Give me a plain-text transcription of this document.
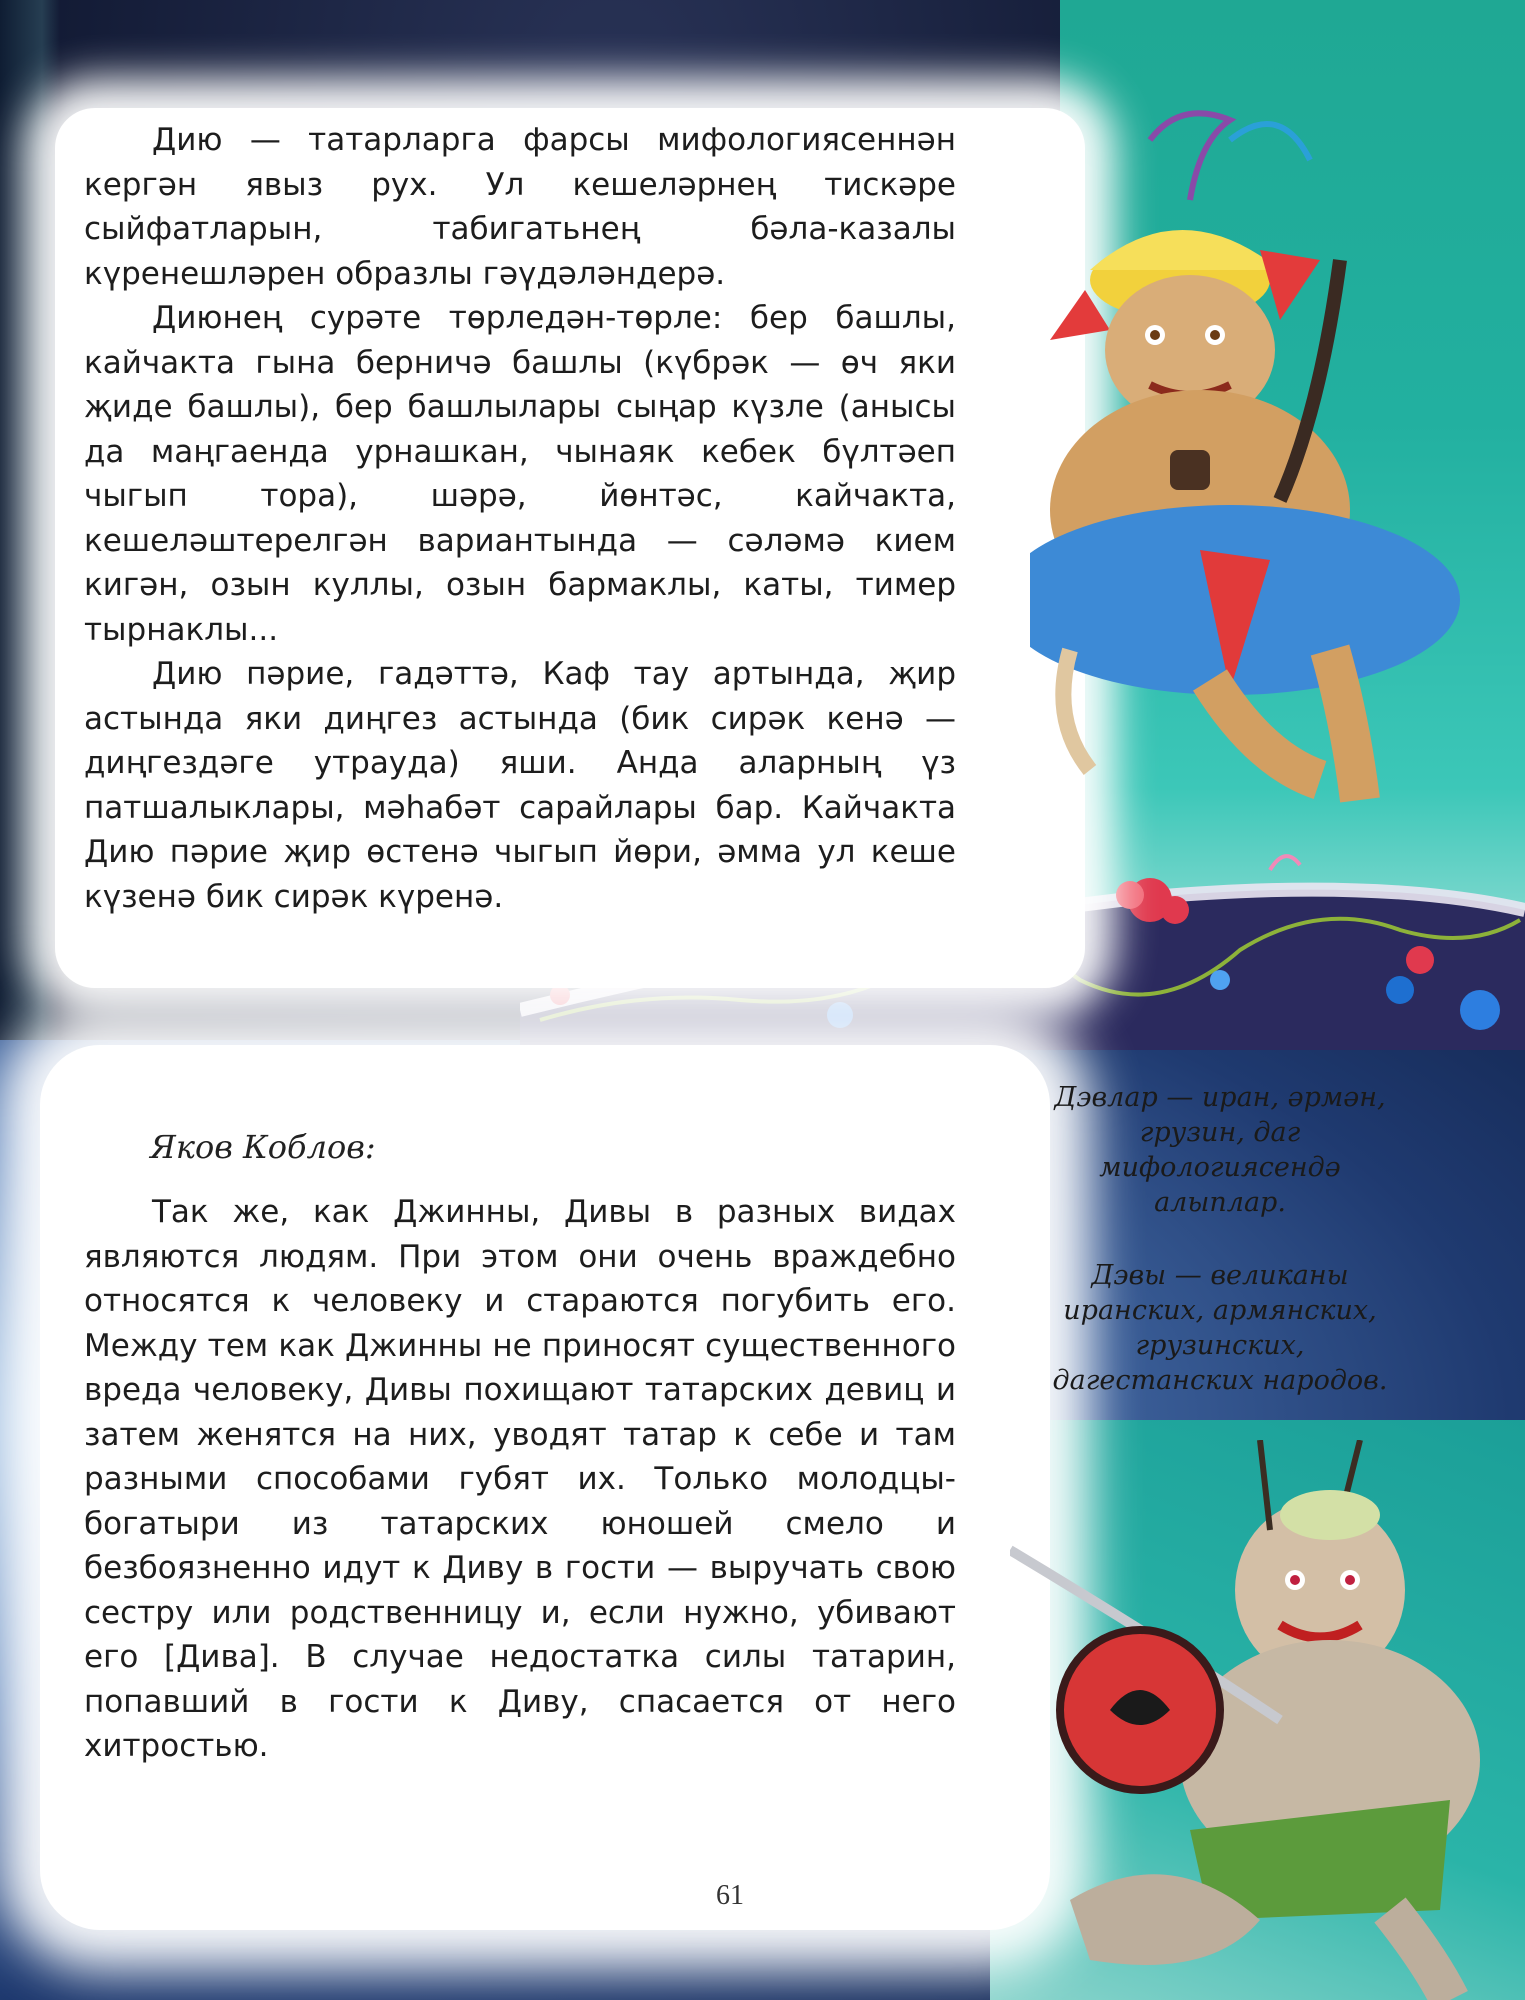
Дию — татарларга фарсы мифологиясеннән кергән явыз рух. Ул кешеләрнең тискәре сыйфатларын, табигатьнең бәла-казалы күренешләрен образлы гәүдәләндерә.

Диюнең сурәте төрледән-төрле: бер башлы, кайчакта гына берничә башлы (күбрәк — өч яки җиде башлы), бер башлылары сыңар күзле (анысы да маңгаенда урнашкан, чынаяк кебек бүлтәеп чыгып тора), шәрә, йөнтәс, кайчакта, кешеләштерелгән вариантында — сәләмә кием кигән, озын куллы, озын бармаклы, каты, тимер тырнаклы...

Дию пәрие, гадәттә, Каф тау артында, җир астында яки диңгез астында (бик сирәк кенә — диңгездәге утрауда) яши. Анда аларның үз патшалыклары, мәһабәт сарайлары бар. Кайчакта Дию пәрие җир өстенә чыгып йөри, әмма ул кеше күзенә бик сирәк күренә.

Яков Коблов:

Так же, как Джинны, Дивы в разных видах являются людям. При этом они очень враждебно относятся к человеку и стараются погубить его. Между тем как Джинны не приносят существенного вреда человеку, Дивы похищают татарских девиц и затем женятся на них, уводят татар к себе и там разными способами губят их. Только молодцы-богатыри из татарских юношей смело и безбоязненно идут к Диву в гости — выручать свою сестру или родственницу и, если нужно, убивают его [Дива]. В случае недостатка силы татарин, попавший в гости к Диву, спасается от него хитростью.

Дэвлар — иран, әрмән, грузин, даг мифологиясендә алыплар.
Дэвы — великаны иранских, армянских, грузинских, дагестанских народов.
61
